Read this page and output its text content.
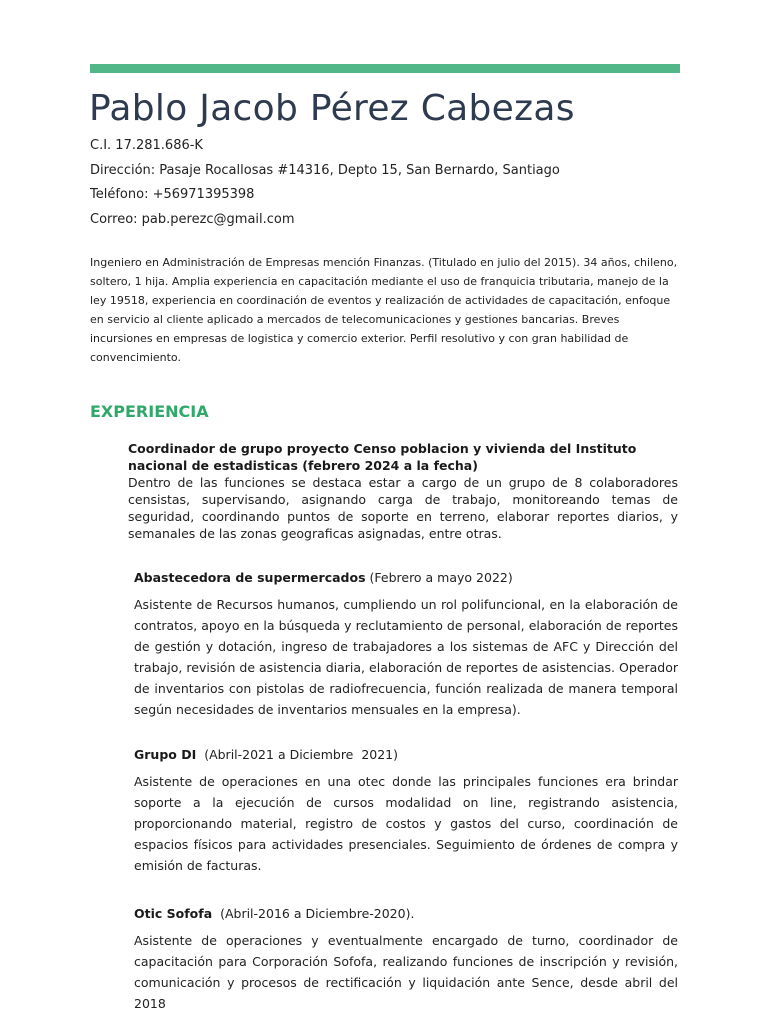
Pablo Jacob Pérez Cabezas
C.I. 17.281.686-K
Dirección: Pasaje Rocallosas #14316, Depto 15, San Bernardo, Santiago
Teléfono: +56971395398
Correo: pab.perezc@gmail.com

Ingeniero en Administración de Empresas mención Finanzas. (Titulado en julio del 2015). 34 años, chileno, soltero, 1 hija. Amplia experiencia en capacitación mediante el uso de franquicia tributaria, manejo de la ley 19518, experiencia en coordinación de eventos y realización de actividades de capacitación, enfoque en servicio al cliente aplicado a mercados de telecomunicaciones y gestiones bancarias. Breves incursiones en empresas de logistica y comercio exterior. Perfil resolutivo y con gran habilidad de convencimiento.

EXPERIENCIA

Coordinador de grupo proyecto Censo poblacion y vivienda del Instituto nacional de estadisticas (febrero 2024 a la fecha)

Dentro de las funciones se destaca estar a cargo de un grupo de 8 colaboradores censistas, supervisando, asignando carga de trabajo, monitoreando temas de seguridad, coordinando puntos de soporte en terreno, elaborar reportes diarios, y semanales de las zonas geograficas asignadas, entre otras.

Abastecedora de supermercados (Febrero a mayo 2022)

Asistente de Recursos humanos, cumpliendo un rol polifuncional, en la elaboración de contratos, apoyo en la búsqueda y reclutamiento de personal, elaboración de reportes de gestión y dotación, ingreso de trabajadores a los sistemas de AFC y Dirección del trabajo, revisión de asistencia diaria, elaboración de reportes de asistencias. Operador de inventarios con pistolas de radiofrecuencia, función realizada de manera temporal según necesidades de inventarios mensuales en la empresa).

Grupo DI  (Abril-2021 a Diciembre  2021)

Asistente de operaciones en una otec donde las principales funciones era brindar soporte a la ejecución de cursos modalidad on line, registrando asistencia, proporcionando material, registro de costos y gastos del curso, coordinación de espacios físicos para actividades presenciales. Seguimiento de órdenes de compra y emisión de facturas.

Otic Sofofa  (Abril-2016 a Diciembre-2020).

Asistente de operaciones y eventualmente encargado de turno, coordinador de capacitación para Corporación Sofofa, realizando funciones de inscripción y revisión, comunicación y procesos de rectificación y liquidación ante Sence, desde abril del 2018
